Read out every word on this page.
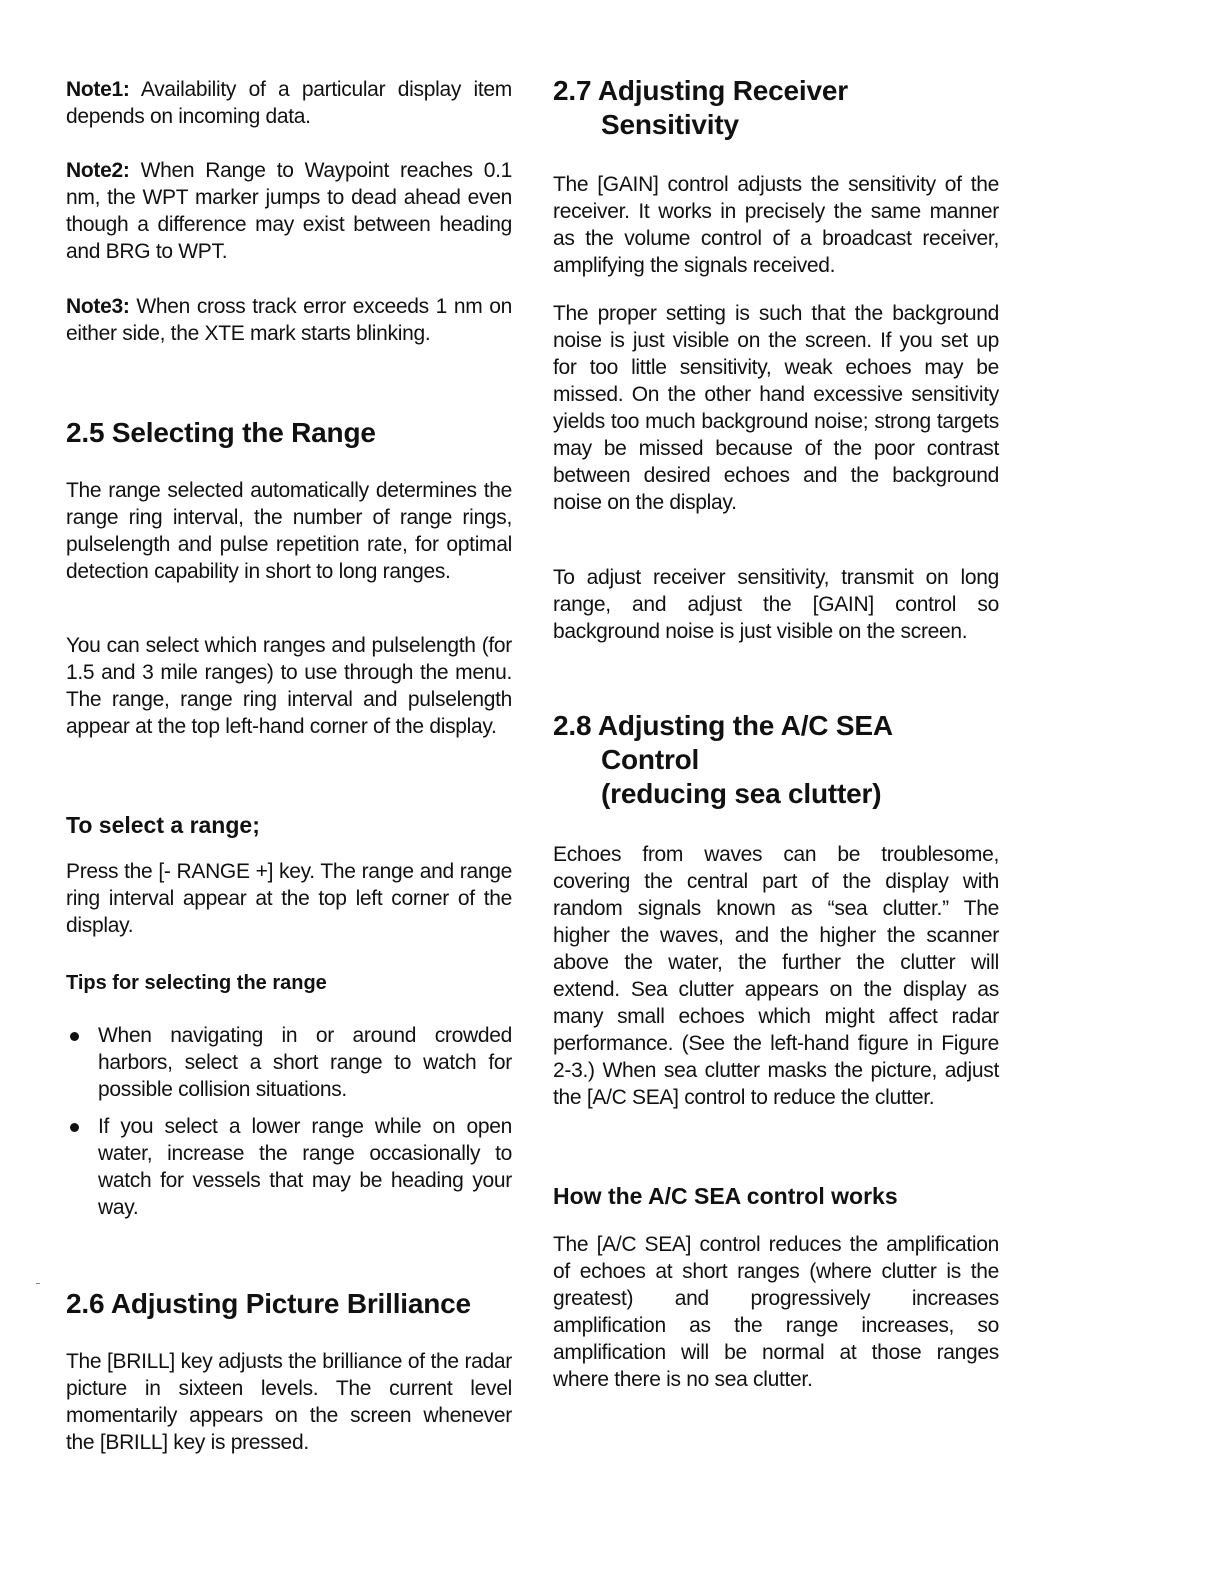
Note1: Availability of a particular display item depends on incoming data.

Note2: When Range to Waypoint reaches 0.1 nm, the WPT marker jumps to dead ahead even though a difference may exist between heading and BRG to WPT.

Note3: When cross track error exceeds 1 nm on either side, the XTE mark starts blinking.

2.5 Selecting the Range

The range selected automatically determines the range ring interval, the number of range rings, pulselength and pulse repetition rate, for optimal detection capability in short to long ranges.

You can select which ranges and pulselength (for 1.5 and 3 mile ranges) to use through the menu. The range, range ring interval and pulselength appear at the top left-hand corner of the display.

To select a range;

Press the [- RANGE +] key. The range and range ring interval appear at the top left corner of the display.

Tips for selecting the range
When navigating in or around crowded harbors, select a short range to watch for possible collision situations.
If you select a lower range while on open water, increase the range occasionally to watch for vessels that may be heading your way.
2.6 Adjusting Picture Brilliance

The [BRILL] key adjusts the brilliance of the radar picture in sixteen levels. The current level momentarily appears on the screen whenever the [BRILL] key is pressed.

2.7 Adjusting Receiver
Sensitivity

The [GAIN] control adjusts the sensitivity of the receiver. It works in precisely the same manner as the volume control of a broadcast receiver, amplifying the signals received.

The proper setting is such that the background noise is just visible on the screen. If you set up for too little sensitivity, weak echoes may be missed. On the other hand excessive sensitivity yields too much background noise; strong targets may be missed because of the poor contrast between desired echoes and the background noise on the display.

To adjust receiver sensitivity, transmit on long range, and adjust the [GAIN] control so background noise is just visible on the screen.

2.8 Adjusting the A/C SEA
Control
(reducing sea clutter)

Echoes from waves can be troublesome, covering the central part of the display with random signals known as “sea clutter.” The higher the waves, and the higher the scanner above the water, the further the clutter will extend. Sea clutter appears on the display as many small echoes which might affect radar performance. (See the left-hand figure in Figure 2-3.) When sea clutter masks the picture, adjust the [A/C SEA] control to reduce the clutter.

How the A/C SEA control works

The [A/C SEA] control reduces the amplification of echoes at short ranges (where clutter is the greatest) and progressively increases amplification as the range increases, so amplification will be normal at those ranges where there is no sea clutter.
